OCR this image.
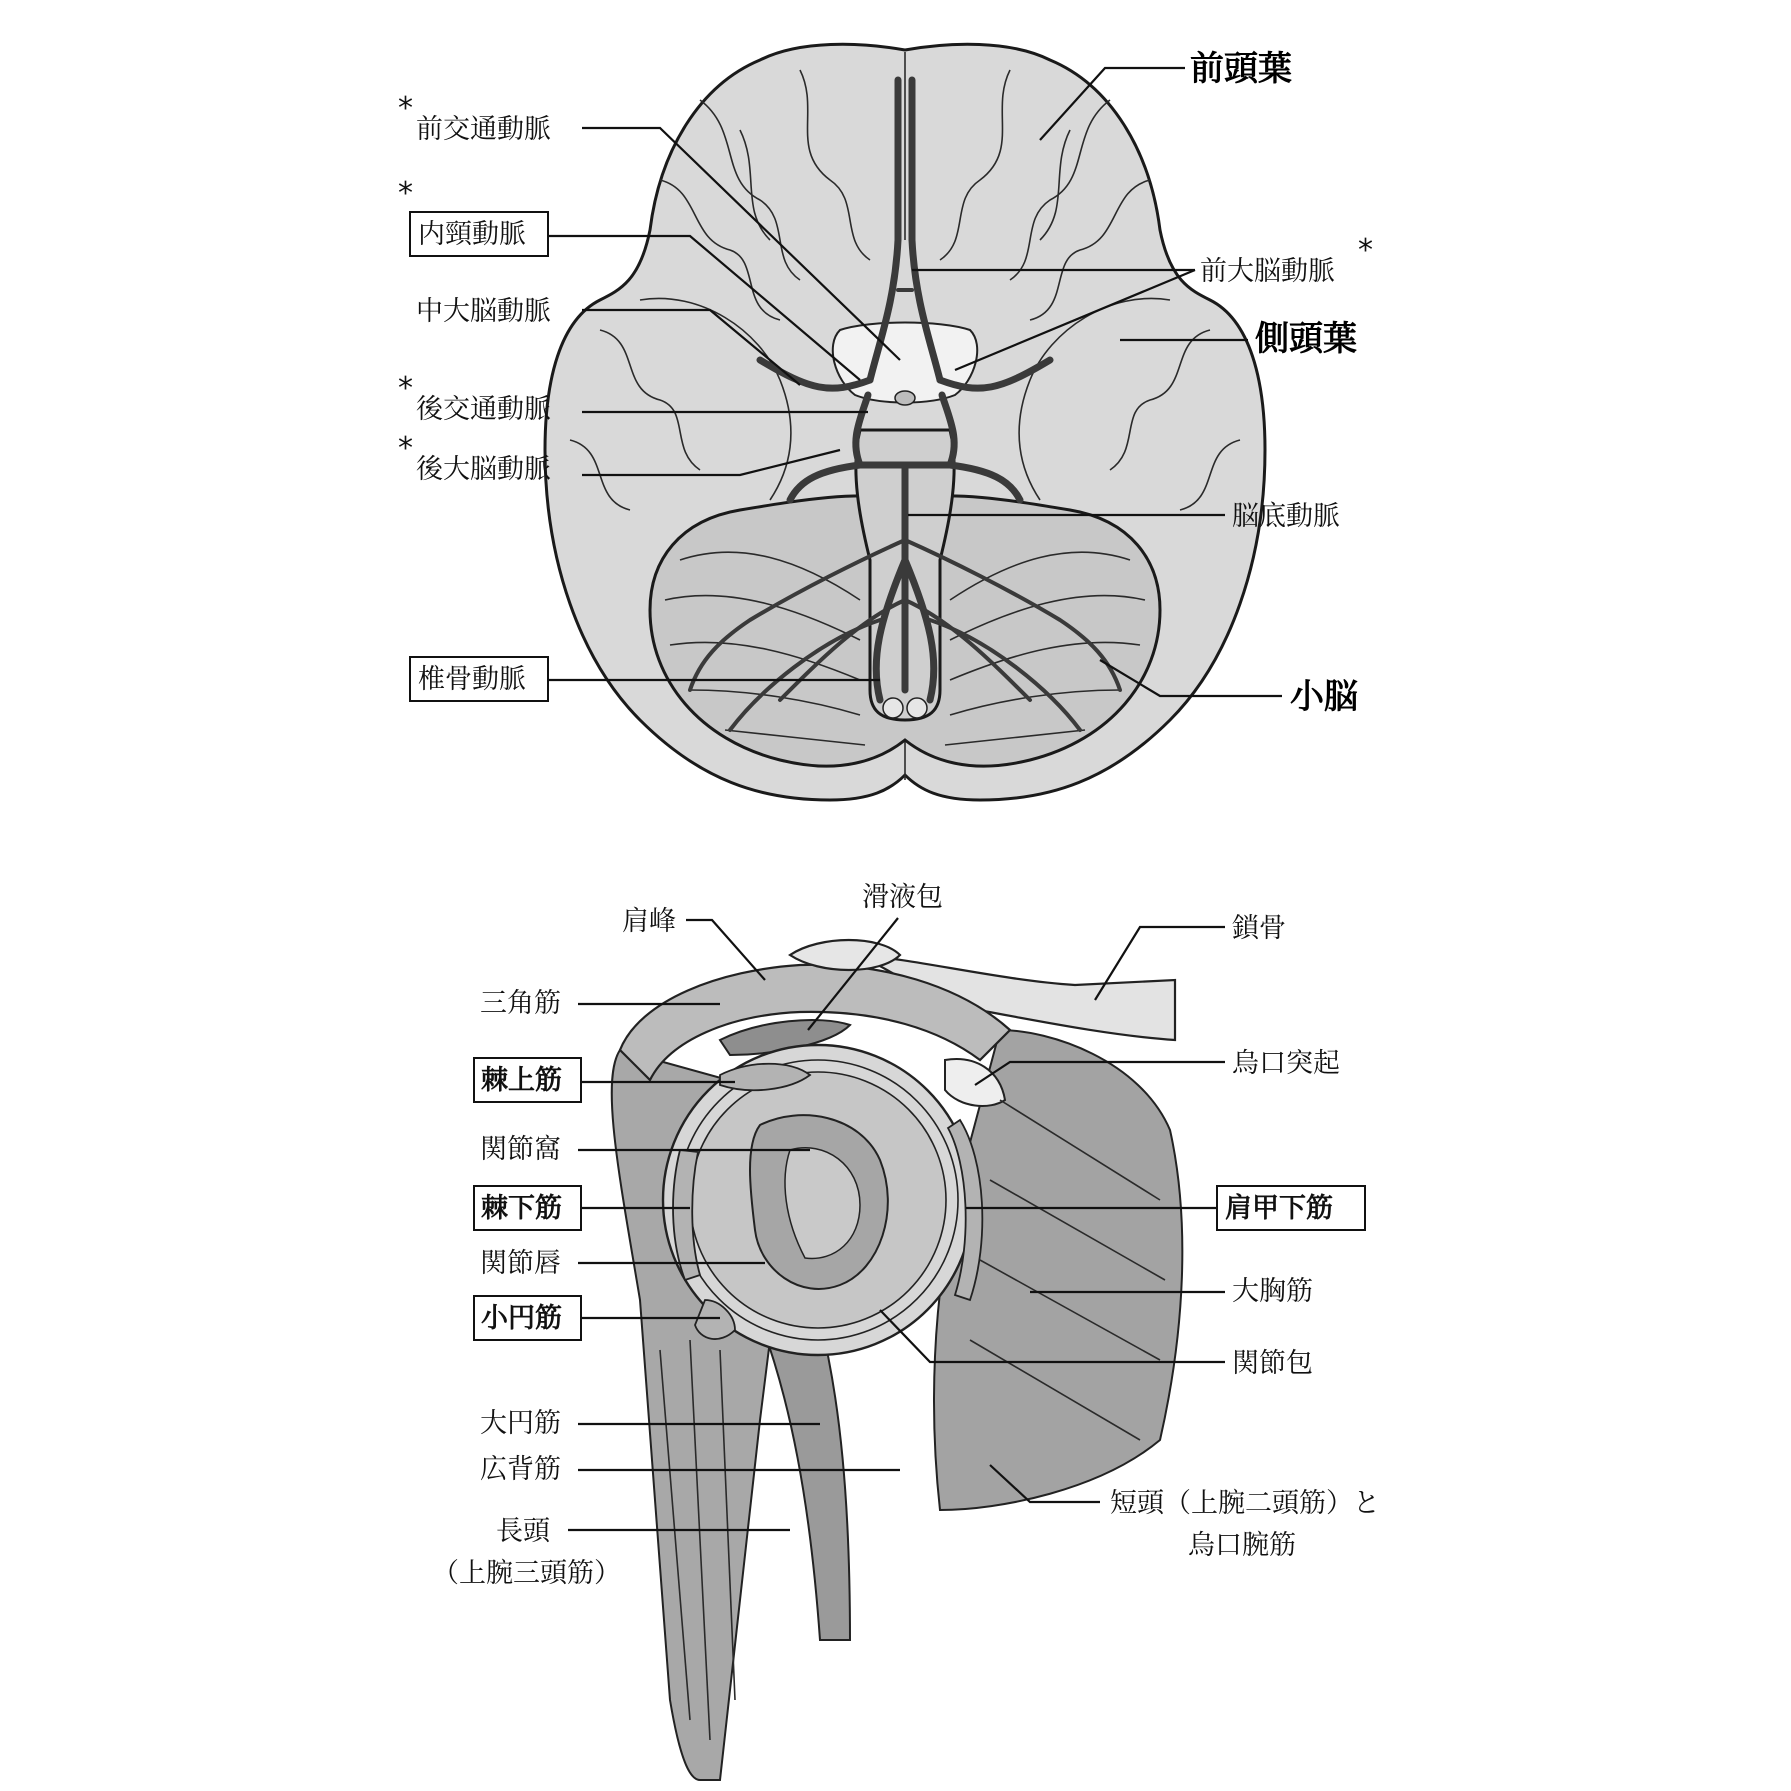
前頭葉
*
前交通動脈
*
内頸動脈
中大脳動脈
*
後交通動脈
*
後大脳動脈
前大脳動脈
*
側頭葉
脳底動脈
椎骨動脈	小脳
肩峰
滑液包
鎖骨
三角筋
烏口突起
棘上筋
関節窩
棘下筋	肩甲下筋
関節唇
大胸筋
小円筋
関節包
大円筋
広背筋
長頭
（上腕三頭筋）
短頭（上腕二頭筋）と
烏口腕筋
